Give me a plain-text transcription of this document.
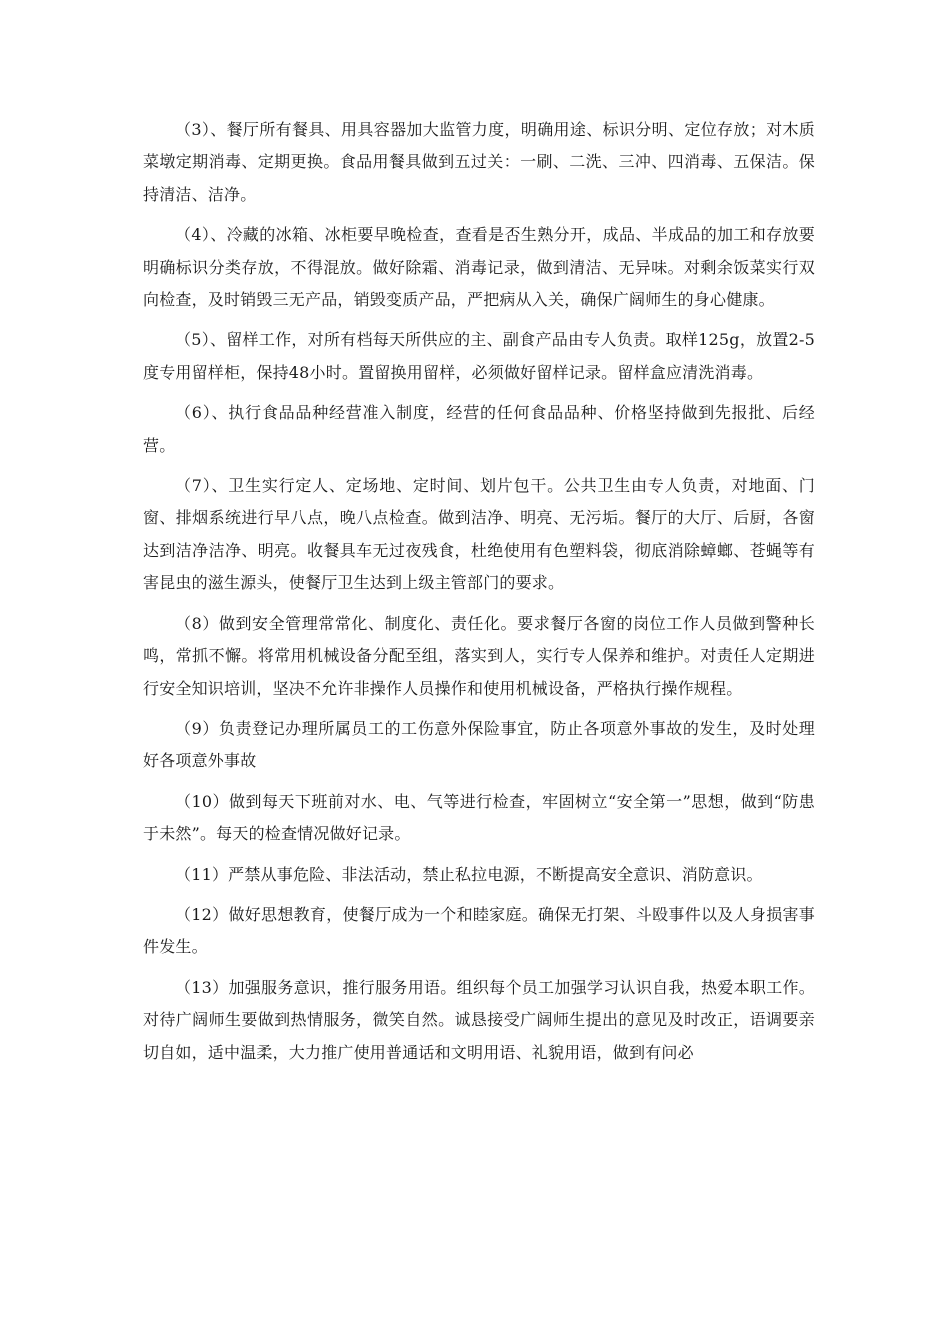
（3）、餐厅所有餐具、用具容器加大监管力度，明确用途、标识分明、定位存放；对木质菜墩定期消毒、定期更换。食品用餐具做到五过关：一刷、二洗、三冲、四消毒、五保洁。保持清洁、洁净。

（4）、冷藏的冰箱、冰柜要早晚检查，查看是否生熟分开，成品、半成品的加工和存放要明确标识分类存放，不得混放。做好除霜、消毒记录，做到清洁、无异味。对剩余饭菜实行双向检查，及时销毁三无产品，销毁变质产品，严把病从入关，确保广阔师生的身心健康。

（5）、留样工作，对所有档每天所供应的主、副食产品由专人负责。取样125g，放置2-5度专用留样柜，保持48小时。置留换用留样，必须做好留样记录。留样盒应清洗消毒。

（6）、执行食品品种经营准入制度，经营的任何食品品种、价格坚持做到先报批、后经营。

（7）、卫生实行定人、定场地、定时间、划片包干。公共卫生由专人负责，对地面、门窗、排烟系统进行早八点，晚八点检查。做到洁净、明亮、无污垢。餐厅的大厅、后厨，各窗达到洁净洁净、明亮。收餐具车无过夜残食，杜绝使用有色塑料袋，彻底消除蟑螂、苍蝇等有害昆虫的滋生源头，使餐厅卫生达到上级主管部门的要求。

（8）做到安全管理常常化、制度化、责任化。要求餐厅各窗的岗位工作人员做到警种长鸣，常抓不懈。将常用机械设备分配至组，落实到人，实行专人保养和维护。对责任人定期进行安全知识培训，坚决不允许非操作人员操作和使用机械设备，严格执行操作规程。

（9）负责登记办理所属员工的工伤意外保险事宜，防止各项意外事故的发生，及时处理好各项意外事故

（10）做到每天下班前对水、电、气等进行检查，牢固树立“安全第一”思想，做到“防患于未然”。每天的检查情况做好记录。

（11）严禁从事危险、非法活动，禁止私拉电源，不断提高安全意识、消防意识。

（12）做好思想教育，使餐厅成为一个和睦家庭。确保无打架、斗殴事件以及人身损害事件发生。

（13）加强服务意识，推行服务用语。组织每个员工加强学习认识自我，热爱本职工作。对待广阔师生要做到热情服务，微笑自然。诚恳接受广阔师生提出的意见及时改正，语调要亲切自如，适中温柔，大力推广使用普通话和文明用语、礼貌用语，做到有问必
